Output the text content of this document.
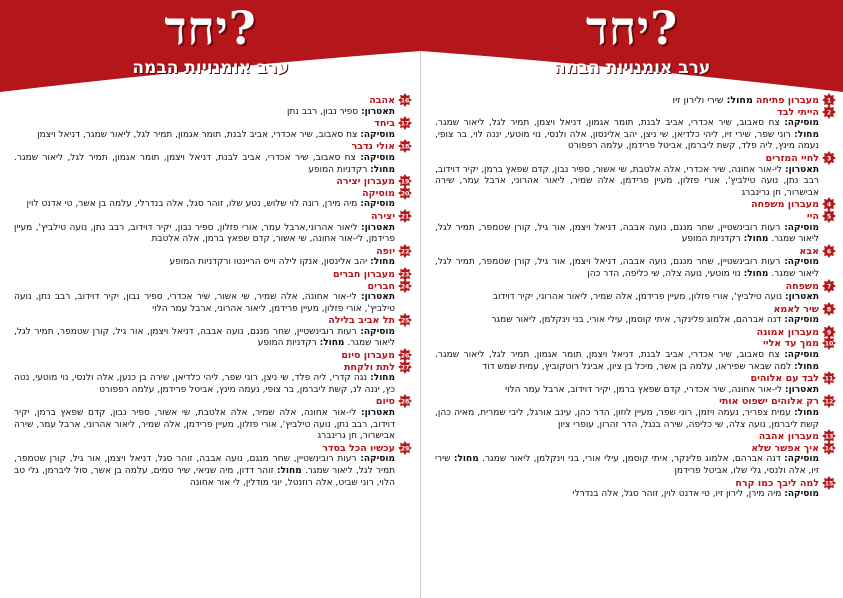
יחד?
ערב אומנויות הבמה
16
אהבה
תאטרון: ספיר נבון, רבב נתן
17
ביחד
מוסיקה: צח סאבוב, שיר אכדרי, אביב לבנת, תומר אגמון, תמיר לגל, ליאור שמגר, דניאל ויצמן
18
אולי נדבר
מוסיקה: צח סאבוב, שיר אכדרי, אביב לבנת, דניאל ויצמן, תומר אגמון, תמיר לגל, ליאור שמגר. מחול: רקדניות המופע
19
מעברון יצירה
20
מוסיקה
מוסיקה: מיה מירן, רונה לוי שלוש, נטע שלו, זוהר סגל, אלה בנדרלי, עלמה בן אשר, טי אדנט לוין
21
יצירה
תאטרון: ליאור אהרוני,ארבל עמר, אורי פזלון, ספיר נבון, יקיר דוידוב, רבב נתן, נועה טילביץ', מעיין פרידמן, לי-אור אחונה, שי אשור, קדם שפאץ ברמן, אלה אלטבת
22
יופה
מחול: יהב אלינסון, אנקו לילה וייס הריינטו ורקדניות המופע
23
מעברון חברים
24
חברים
תאטרון: לי-אור אחונה, אלה שמיר, שי אשור, שיר אכדרי, ספיר נבון, יקיר דוידוב, רבב נתן, נועה טילביץ', אורי פזלון, מעיין פרידמן, ליאור אהרוני, ארבל עמר הלוי
25
תל אביב בלילה
מוסיקה: רעות רובינשטיין, שחר מנגם, נועה אבבה, דניאל ויצמן, אור גיל, קורן שטמפר, תמיר לגל, ליאור שמגר. מחול: רקדניות המופע
26
מעברון סיום
27
לתת ולקחת
מחול: נגה קדרי, ליה פלד, שי ניצן, רוני שפר, ליהי כלדיאן, שירה בן כנען, אלה ולנסי, נוי מוטעי, נטה כץ, יננה לנ, קשת ליברמן, בר צופי, נעמה מינץ, אביטל פרידמן, עלמה רפפורט
28
סיום
תאטרון: לי-אור אחונה, אלה שמיר, אלה אלטבת, שי אשור, ספיר נבון, קדם שפאץ ברמן, יקיר דוידוב, רבב נתן, נועה טילביץ', אורי פזלון, מעיין פרידמן, אלה שמיר, ליאור אהרוני, ארבל עמר, שירה אבישרור, חן גרינברג
29
עכשיו הכל בסדר
מוסיקה: רעות רובינשטיין, שחר מנגם, נועה אבבה, זוהר סגל, דניאל ויצמן, אור גיל, קורן שטמפר, תמיר לגל, ליאור שמגר. מחול: זוהר דדון, מיה שניאי, שיר טמים, עלמה בן אשר, סול ליברמן, גלי טב הלוי, רוני שביט, אלה רוזנטל, יוני מודלין, לי אור אחונה
יחד?
ערב אומנויות הבמה
1
מעברון פתיחה מחול: שירי ולירון זיו
2
הייתי לבד
מוסיקה: צח סאבוב, שיר אכדרי, אביב לבנת, תומר אגמון, דניאל ויצמן, תמיר לגל, ליאור שמגר. מחול: רוני שפר, שירי זיו, ליהי כלדיאן, שי ניצן, יהב אלינסון, אלה ולנסי, נוי מוטעי, יננה לוי, בר צופי, נעמה מינץ, ליה פלד, קשת ליברמן, אביטל פרידמן, עלמה רפפורט
3
לחיי המזרים
תאטרון: לי-אור אחונה, שיר אכדרי, אלה אלטבת, שי אשור, ספיר נבון, קדם שפאץ ברמן, יקיר דוידוב, רבב נתן, נועה טילביץ', אורי פזלון, מעיין פרידמן, אלה שמיר, ליאור אהרוני, ארבל עמר, שירה אבישרור, חן גרינברג
4
מעברון משפחה
5
היי
מוסיקה: רעות רובינשטיין, שחר מנגם, נועה אבבה, דניאל ויצמן, אור גיל, קורן שטמפר, תמיר לגל, ליאור שמגר. מחול: רקדניות המופע
6
אבא
מוסיקה: רעות רובינשטיין, שחר מנגם, נועה אבבה, דניאל ויצמן, אור גיל, קורן שטמפר, תמיר לגל, ליאור שמגר. מחול: נוי מוטעי, נועה צלה, שי כליפה, הדר כהן
7
משפחה
תאטרון: נועה טילביץ', אורי פזלון, מעיין פרידמן, אלה שמיר, ליאור אהרוני, יקיר דוידוב
8
שיר לאמא
מוסיקה: דנה אברהם, אלמוג פלינקר, איתי קוסמן, עילי אורי, בני וינקלמן, ליאור שמגר
9
מעברון אמונה
10
ממך עד אליי
מוסיקה: צח סאבוב, שיר אכדרי, אביב לבנת, דניאל ויצמן, תומר אגמון, תמיר לגל, ליאור שמגר. מחול: למה שבאר שפיראו, עלמה בן אשר, מיכל בן ציון, אביגל רוטקוביץ, עמית שמש דוד
11
לבד עם אלוהים
תאטרון: לי-אור אחונה, שיר אכדרי, קדם שפאץ ברמן, יקיר דוידוב, ארבל עמר הלוי
12
רק אלוהים ישפוט אותי
מחול: עמית צפריר, נעמה ויזמן, רוני שפר, מעיין לוזון, הדר כהן, עינב אורגל, ליבי שמרית, מאיה כהן, קשת ליברמן, נועה צלה, שי כליפה, שירה בנגל, הדר זהרון, עופרי ציון
13
מעברון אהבה
14
איך אפשר שלא
מוסיקה: דנה אברהם, אלמוג פלינקר, איתי קוסמן, עילי אורי, בני וינקלמן, ליאור שמגר. מחול: שירי זיו, אלה ולנסי, גלי שלו, אביטל פרידמן
15
למה ליבך כמו קרח
מוסיקה: מיה מירן, לירון זיו, טי אדנט לוין, זוהר סגל, אלה בנדרלי
